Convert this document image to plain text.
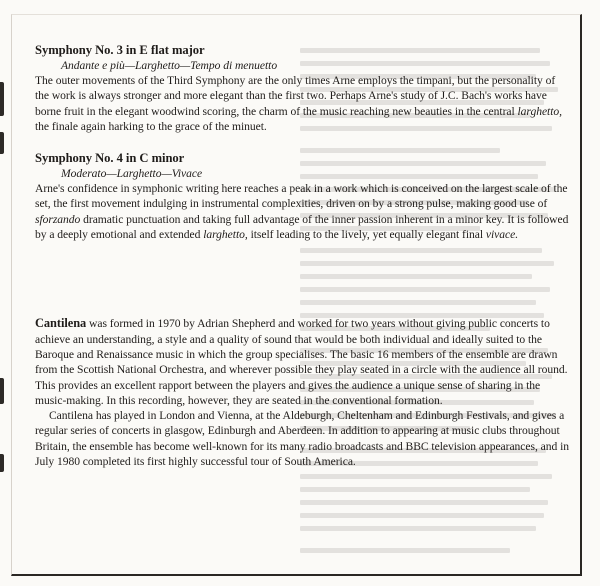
Symphony No. 3 in E flat major

Andante e più—Larghetto—Tempo di menuetto

The outer movements of the Third Symphony are the only times Arne employs the timpani, but the personality of the work is always stronger and more elegant than the first two. Perhaps Arne's study of J.C. Bach's works have borne fruit in the elegant woodwind scoring, the charm of the music reaching new beauties in the central larghetto, the finale again harking to the grace of the minuet.

Symphony No. 4 in C minor

Moderato—Larghetto—Vivace

Arne's confidence in symphonic writing here reaches a peak in a work which is conceived on the largest scale of the set, the first movement indulging in instrumental complexities, driven on by a strong pulse, making good use of sforzando dramatic punctuation and taking full advantage of the inner passion inherent in a minor key. It is followed by a deeply emotional and extended larghetto, itself leading to the lively, yet equally elegant final vivace.

Cantilena was formed in 1970 by Adrian Shepherd and worked for two years without giving public concerts to achieve an understanding, a style and a quality of sound that would be both individual and ideally suited to the Baroque and Renaissance music in which the group specialises. The basic 16 members of the ensemble are drawn from the Scottish National Orchestra, and wherever possible they play seated in a circle with the audience all round. This provides an excellent rapport between the players and gives the audience a unique sense of sharing in the music-making. In this recording, however, they are seated in the conventional formation.

Cantilena has played in London and Vienna, at the Aldeburgh, Cheltenham and Edinburgh Festivals, and gives a regular series of concerts in glasgow, Edinburgh and Aberdeen. In addition to appearing at music clubs throughout Britain, the ensemble has become well-known for its many radio broadcasts and BBC television appearances, and in July 1980 completed its first highly successful tour of South America.
